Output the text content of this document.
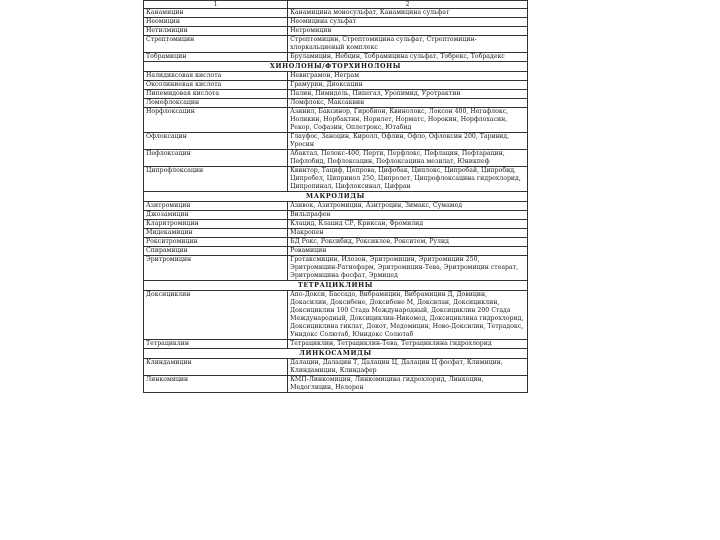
1	2
Канамицин	Канамицина моносульфат, Канамицина сульфат
Неомицин	Неомицина сульфат
Нетилмицин	Нетромицин
Стрептомицин	Стрептомицин, Стрептомицина сульфат, Стрептомицин-хлоркальциевый комплекс
Тобрамицин	Бруламицин, Небцин, Тобрамицина сульфат, Тобрекс, Тобрадекс
ХИНОЛОНЫ/ФТОРХИНОЛОНЫ	
Налидиксовая кислота	Невиграмон, Неграм
Оксолиниевая кислота	Грамурин, Диоксацин
Пипемидовая кислота	Палин, Пимидель, Пипегал, Уропимид, Уротрактин
Ломефлоксацин	Ломфлокс, Максаквин
Норфлоксацин	Азинил, Баксинор, Гиробион, Квинолокс, Локсон 400, Негафлокс, Ноликин, Норбактин, Норилет, Норматс, Норокин, Норфлохасин, Рекор, Софазин, Оплетрокс, Ютабид
Офлоксацин	Глауфос, Заноцин, Киролл, Офлин, Офло, Офлоксин 200, Таривид, Уросин
Пефлоксацин	Абактал, Пелокс-400, Перти, Перфлокс, Пефлацин, Пефтарацин, Пефлобид, Пефлоксацин, Пефлоксацина мезилат, Юникпеф
Ципрофлоксацин	Квинтор, Тациф, Цепрова, Цифобак, Циплокс, Ципробай, Ципробид, Ципробел, Ципринол 250, Ципролет, Ципрофлоксацина гидрохлорид, Ципропинал, Цифлоксинал, Цифран
МАКРОЛИДЫ	
Азитромицин	Азивок, Азитромицин, Азитроцин, Зимакс, Сумамед
Джозамицин	Вильпрафен
Кларитромицин	Клацид, Клацид СР, Криксан, Фромилид
Мидекамицин	Макропен
Рокситромицин	БД Рокс, Роксибид, Роксиклов, Рокситем, Рулид
Спирамицин	Ровамицин
Эритромицин	Гротаксмицин, Илозон, Эритромицин, Эритромицин 250, Эритромицин-Ратиофарм, Эритромицин-Тева, Эритромицин стеарат, Эритромицина фосфат, Эрмицед
ТЕТРАЦИКЛИНЫ	
Доксициклин	Апо-Докси, Бассадо, Вибрамицин, Вибрамицин Д, Довицин, Докасилин, Доксибене, Доксибене М, Доксилан, Доксициклин, Доксициклин 100 Стада Международный, Доксициклин 200 Стада Международный, Доксициклин-Никомед, Доксициклина гидрохлорид, Доксициклина гиклат, Докот, Медомицин, Ново-Доксилин, Тетрадокс, Унидокс Солютаб, Юнидокс Солютаб
Тетрациклин	Тетрациклин, Тетрациклин-Тева, Тетрациклина гидрохлорид
ЛИНКОСАМИДЫ	
Клиндамицин	Далацин, Далацин Т, Далацин Ц, Далацин Ц фосфат, Климицин, Клиндамицин, Клиндафер
Линкомицин	КМП-Линкомицин, Линкомицина гидрохлорид, Линкоцин, Медоглицин, Нелорен
